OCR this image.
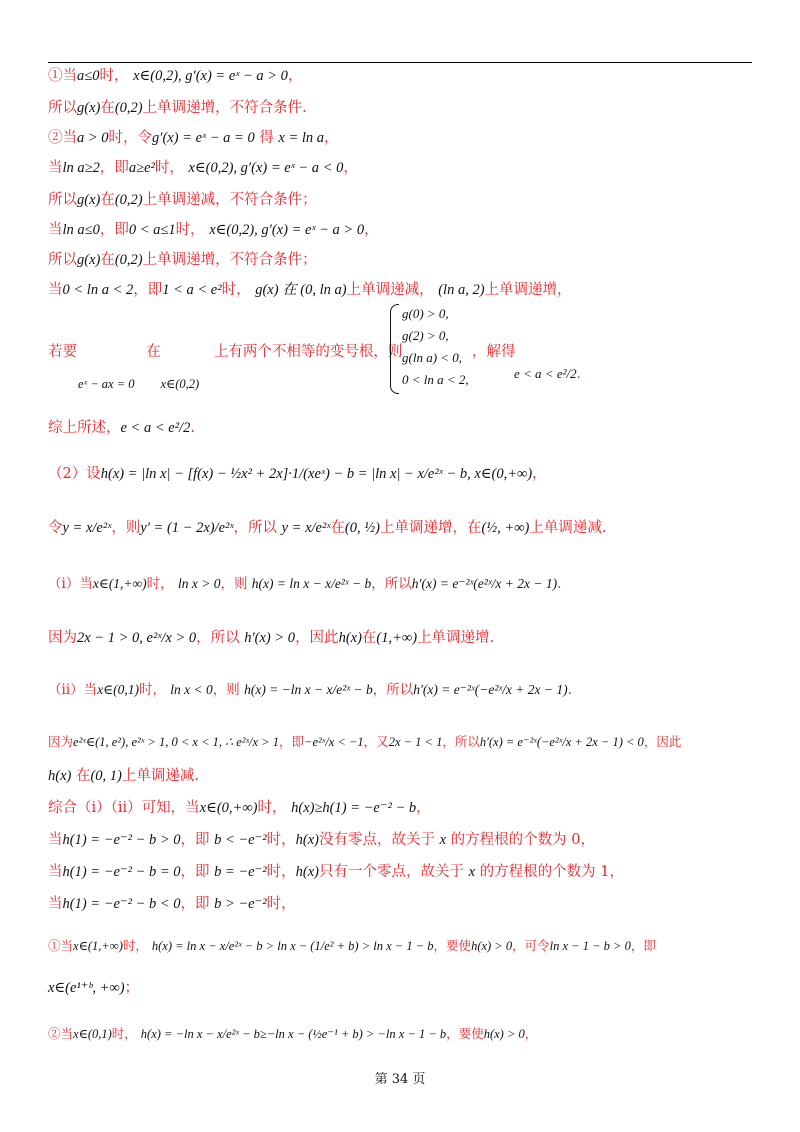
①当a≤0时， x∈(0,2), g′(x) = eˣ − a > 0，
所以g(x)在(0,2)上单调递增，不符合条件.
②当a > 0时，令g′(x) = eˣ − a = 0 得 x = ln a，
当ln a≥2，即a≥e²时， x∈(0,2), g′(x) = eˣ − a < 0，
所以g(x)在(0,2)上单调递减，不符合条件；
当ln a≤0，即0 < a≤1时， x∈(0,2), g′(x) = eˣ − a > 0，
所以g(x)在(0,2)上单调递增，不符合条件；
当0 < ln a < 2，即1 < a < e²时， g(x) 在 (0, ln a)上单调递减， (ln a, 2)上单调递增，
若要	在	上有两个不相等的变号根，则
eˣ − ax = 0 x∈(0,2)
g(0) > 0,
g(2) > 0,
g(ln a) < 0,
0 < ln a < 2,
，解得
e < a < e²/2.
综上所述，e < a < e²/2.
（2）设h(x) = |ln x| − [f(x) − ½x² + 2x]·1/(xeˣ) − b = |ln x| − x/e²ˣ − b, x∈(0,+∞)，
令y = x/e²ˣ，则y′ = (1 − 2x)/e²ˣ，所以 y = x/e²ˣ在(0, ½)上单调递增，在(½, +∞)上单调递减.
（ⅰ）当x∈(1,+∞)时， ln x > 0，则 h(x) = ln x − x/e²ˣ − b，所以h′(x) = e⁻²ˣ(e²ˣ/x + 2x − 1).
因为2x − 1 > 0, e²ˣ/x > 0，所以 h′(x) > 0，因此h(x)在(1,+∞)上单调递增.
（ⅱ）当x∈(0,1)时， ln x < 0，则 h(x) = −ln x − x/e²ˣ − b，所以h′(x) = e⁻²ˣ(−e²ˣ/x + 2x − 1).
因为e²ˣ∈(1, e²), e²ˣ > 1, 0 < x < 1, ∴ e²ˣ/x > 1，即−e²ˣ/x < −1，又2x − 1 < 1，所以h′(x) = e⁻²ˣ(−e²ˣ/x + 2x − 1) < 0，因此
h(x) 在(0, 1)上单调递减.
综合（ⅰ）（ⅱ）可知，当x∈(0,+∞)时， h(x)≥h(1) = −e⁻² − b，
当h(1) = −e⁻² − b > 0，即 b < −e⁻²时，h(x)没有零点，故关于 x 的方程根的个数为 0，
当h(1) = −e⁻² − b = 0，即 b = −e⁻²时，h(x)只有一个零点，故关于 x 的方程根的个数为 1，
当h(1) = −e⁻² − b < 0，即 b > −e⁻²时，
①当x∈(1,+∞)时， h(x) = ln x − x/e²ˣ − b > ln x − (1/e² + b) > ln x − 1 − b，要使h(x) > 0，可令ln x − 1 − b > 0，即
x∈(e¹⁺ᵇ, +∞)；
②当x∈(0,1)时， h(x) = −ln x − x/e²ˣ − b≥−ln x − (½e⁻¹ + b) > −ln x − 1 − b，要使h(x) > 0，
第 34 页
